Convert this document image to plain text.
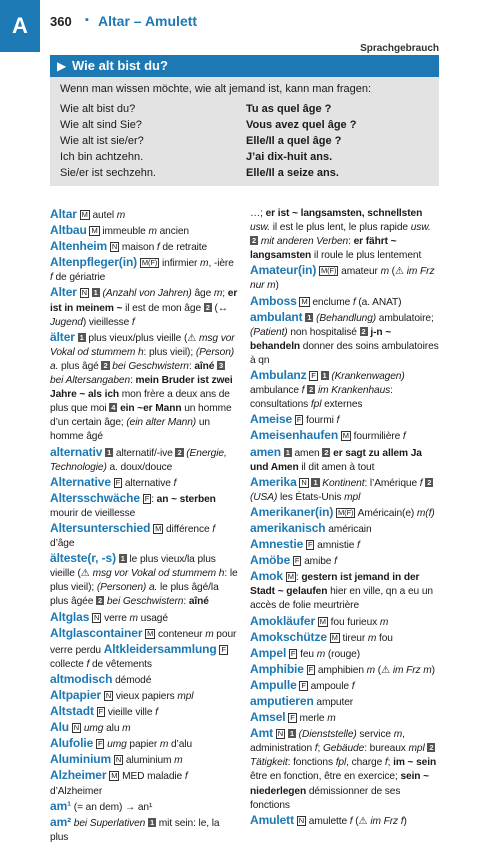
A	360 ▪ Altar – Amulett
Sprachgebrauch
▶ Wie alt bist du?
Wenn man wissen möchte, wie alt jemand ist, kann man fragen:
Wie alt bist du?	Tu as quel âge ?
Wie alt sind Sie?	Vous avez quel âge ?
Wie alt ist sie/er?	Elle/Il a quel âge ?
Ich bin achtzehn.	J’ai dix-huit ans.
Sie/er ist sechzehn.	Elle/Il a seize ans.
Altar M autel m
Altbau M immeuble m ancien
Altenheim N maison f de retraite Altenpfleger(in) M(F) infirmier m, -ière f de gériatrie
Alter N 1 (Anzahl von Jahren) âge m; er ist in meinem ~ il est de mon âge 2 (↔ Jugend) vieillesse f
älter 1 plus vieux/plus vieille (⚠ msg vor Vokal od stummem h: plus vieil); (Person) a. plus âgé 2 bei Geschwistern: aîné 3 bei Altersangaben: mein Bruder ist zwei Jahre ~ als ich mon frère a deux ans de plus que moi 4 ein ~er Mann un homme d’un certain âge; (ein alter Mann) un homme âgé
alternativ 1 alternatif/-ive 2 (Energie, Technologie) a. doux/douce
Alternative F alternative f
Altersschwäche F : an ~ sterben mourir de vieillesse
Altersunterschied M différence f d’âge
älteste(r, -s) 1 le plus vieux/la plus vieille (⚠ msg vor Vokal od stummem h: le plus vieil); (Personen) a. le plus âgé/la plus âgée 2 bei Geschwistern: aîné
Altglas N verre m usagé Altglascontainer M conteneur m pour verre perdu Altkleidersammlung F collecte f de vêtements
altmodisch démodé
Altpapier N vieux papiers mpl Altstadt F vieille ville f
Alu N umg alu m
Alufolie F umg papier m d’alu
Aluminium N aluminium m
Alzheimer M MED maladie f d’Alzheimer
am¹ (= an dem) → an¹
am² bei Superlativen 1 mit sein: le, la plus
…; er ist ~ langsamsten, schnellsten usw. il est le plus lent, le plus rapide usw. 2 mit anderen Verben: er fährt ~ langsamsten il roule le plus lentement
Amateur(in) M(F) amateur m (⚠ im Frz nur m)
Amboss M enclume f (a. ANAT)
ambulant 1 (Behandlung) ambulatoire; (Patient) non hospitalisé 2 j-n ~ behandeln donner des soins ambulatoires à qn
Ambulanz F 1 (Krankenwagen) ambulance f 2 im Krankenhaus: consultations fpl externes
Ameise F fourmi f
Ameisenhaufen M fourmilière f
amen 1 amen 2 er sagt zu allem Ja und Amen il dit amen à tout
Amerika N 1 Kontinent: l’Amérique f 2 (USA) les États-Unis mpl
Amerikaner(in) M(F) Américain(e) m(f)
amerikanisch américain
Amnestie F amnistie f
Amöbe F amibe f
Amok M : gestern ist jemand in der Stadt ~ gelaufen hier en ville, qn a eu un accès de folie meurtrière
Amokläufer M fou furieux m Amokschütze M tireur m fou
Ampel F feu m (rouge)
Amphibie F amphibien m (⚠ im Frz m)
Ampulle F ampoule f
amputieren amputer
Amsel F merle m
Amt N 1 (Dienststelle) service m, administration f; Gebäude: bureaux mpl 2 Tätigkeit: fonctions fpl, charge f; im ~ sein être en fonction, être en exercice; sein ~ niederlegen démissionner de ses fonctions
Amulett N amulette f (⚠ im Frz f)
